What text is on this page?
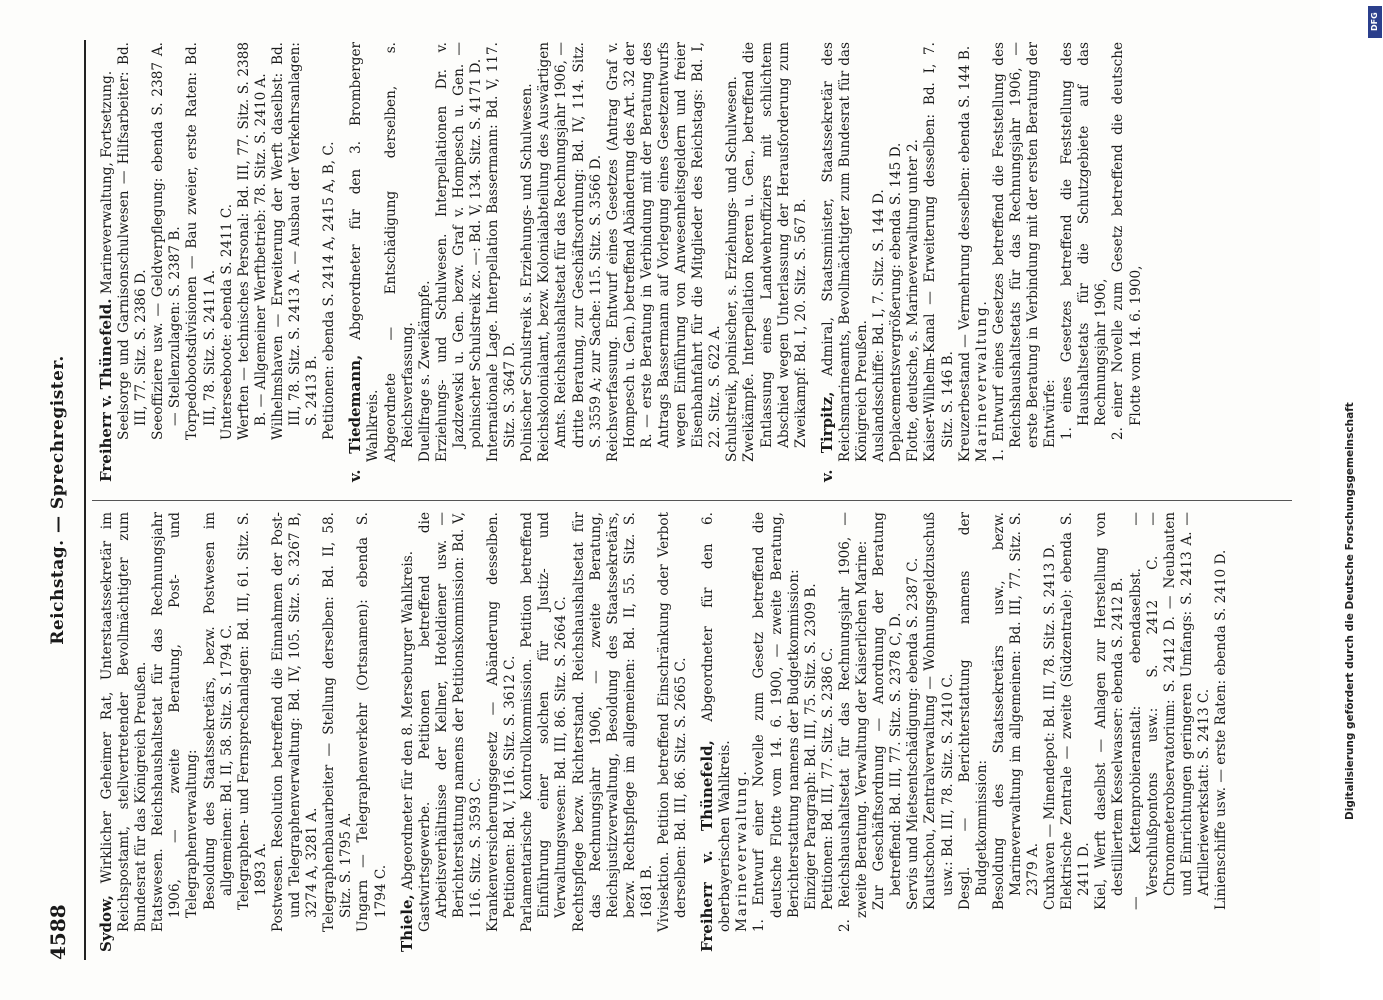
4588
Reichstag. — Sprechregister.

Sydow, Wirklicher Geheimer Rat, Unterstaatssekretär im Reichspostamt, stellvertretender Bevollmächtigter zum Bundesrat für das Königreich Preußen. Etatswesen. Reichshaushaltsetat für das Rechnungsjahr 1906, — zweite Beratung, Post- und Telegraphenverwaltung: Besoldung des Staatssekretärs, bezw. Postwesen im allgemeinen: Bd. II, 58. Sitz. S. 1794 C. Telegraphen- und Fernsprechanlagen: Bd. III, 61. Sitz. S. 1893 A. Postwesen. Resolution betreffend die Einnahmen der Post- und Telegraphenverwaltung: Bd. IV, 105. Sitz. S. 3267 B, 3274 A, 3281 A. Telegraphenbauarbeiter — Stellung derselben: Bd. II, 58. Sitz. S. 1795 A. Ungarn — Telegraphenverkehr (Ortsnamen): ebenda S. 1794 C.

Thiele, Abgeordneter für den 8. Merseburger Wahlkreis. Gastwirtsgewerbe. Petitionen betreffend die Arbeitsverhältnisse der Kellner, Hoteldiener usw. — Berichterstattung namens der Petitionskommission: Bd. V, 116. Sitz. S. 3593 C. Krankenversicherungsgesetz — Abänderung desselben. Petitionen: Bd. V, 116. Sitz. S. 3612 C. Parlamentarische Kontrollkommission. Petition betreffend Einführung einer solchen für Justiz- und Verwaltungswesen: Bd. III, 86. Sitz. S. 2664 C. Rechtspflege bezw. Richterstand. Reichshaushaltsetat für das Rechnungsjahr 1906, — zweite Beratung, Reichsjustizverwaltung, Besoldung des Staatssekretärs, bezw. Rechtspflege im allgemeinen: Bd. II, 55. Sitz. S. 1681 B. Vivisektion. Petition betreffend Einschränkung oder Verbot derselben: Bd. III, 86. Sitz. S. 2665 C. Freiherr v. Thünefeld, Abgeordneter für den 6. oberbayerischen Wahlkreis. Marineverwaltung. 1. Entwurf einer Novelle zum Gesetz betreffend die deutsche Flotte vom 14. 6. 1900, — zweite Beratung, Berichterstattung namens der Budgetkommission: Einziger Paragraph: Bd. III, 75. Sitz. S. 2309 B. Petitionen: Bd. III, 77. Sitz. S. 2386 C. 2. Reichshaushaltsetat für das Rechnungsjahr 1906, — zweite Beratung. Verwaltung der Kaiserlichen Marine: Zur Geschäftsordnung — Anordnung der Beratung betreffend: Bd. III, 77. Sitz. S. 2378 C, D. Servis und Mietsentschädigung: ebenda S. 2387 C. Klautschou, Zentralverwaltung — Wohnungsgeldzuschuß usw.: Bd. III, 78. Sitz. S. 2410 C. Desgl. — Berichterstattung namens der Budgetkommission: Besoldung des Staatssekretärs usw., bezw. Marineverwaltung im allgemeinen: Bd. III, 77. Sitz. S. 2379 A. Cuxhaven — Minendepot: Bd. III, 78. Sitz. S. 2413 D. Elektrische Zentrale — zweite (Südzentrale): ebenda S. 2411 D. Kiel, Werft daselbst — Anlagen zur Herstellung von destilliertem Kesselwasser: ebenda S. 2412 B. — Kettenprobieranstalt: ebendaselbst. — Verschlußpontons usw.: S. 2412 C. — Chronometerobservatorium: S. 2412 D. — Neubauten und Einrichtungen geringeren Umfangs: S. 2413 A. — Artilleriewerkstatt: S. 2413 C. Linienschiffe usw. — erste Raten: ebenda S. 2410 D.

Freiherr v. Thünefeld. Marineverwaltung, Fortsetzung. Seelsorge und Garnisonschulwesen — Hilfsarbeiter: Bd. III, 77. Sitz. S. 2386 D. Seeoffiziere usw. — Geldverpflegung: ebenda S. 2387 A. — Stellenzulagen: S. 2387 B. Torpedobootsdivisionen — Bau zweier, erste Raten: Bd. III, 78. Sitz. S. 2411 A. Unterseeboote: ebenda S. 2411 C. Werften — technisches Personal: Bd. III, 77. Sitz. S. 2388 B. — Allgemeiner Werftbetrieb: 78. Sitz. S. 2410 A. Wilhelmshaven — Erweiterung der Werft daselbst: Bd. III, 78. Sitz. S. 2413 A. — Ausbau der Verkehrsanlagen: S. 2413 B. Petitionen: ebenda S. 2414 A, 2415 A, B, C. v. Tiedemann, Abgeordneter für den 3. Bromberger Wahlkreis. Abgeordnete — Entschädigung derselben, s. Reichsverfassung. Duellfrage s. Zweikämpfe. Erziehungs- und Schulwesen. Interpellationen Dr. v. Jazdzewski u. Gen. bezw. Graf v. Hompesch u. Gen. — polnischer Schulstreik zc. —: Bd. V, 134. Sitz. S. 4171 D. Internationale Lage. Interpellation Bassermann: Bd. V, 117. Sitz. S. 3647 D. Polnischer Schulstreik s. Erziehungs- und Schulwesen. Reichskolonialamt, bezw. Kolonialabteilung des Auswärtigen Amts. Reichshaushaltsetat für das Rechnungsjahr 1906, — dritte Beratung, zur Geschäftsordnung: Bd. IV, 114. Sitz. S. 3559 A; zur Sache: 115. Sitz. S. 3566 D. Reichsverfassung. Entwurf eines Gesetzes (Antrag Graf v. Hompesch u. Gen.) betreffend Abänderung des Art. 32 der R. — erste Beratung in Verbindung mit der Beratung des Antrags Bassermann auf Vorlegung eines Gesetzentwurfs wegen Einführung von Anwesenheitsgeldern und freier Eisenbahnfahrt für die Mitglieder des Reichstags: Bd. I, 22. Sitz. S. 622 A. Schulstreik, polnischer, s. Erziehungs- und Schulwesen. Zweikämpfe. Interpellation Roeren u. Gen., betreffend die Entlassung eines Landwehroffiziers mit schlichtem Abschied wegen Unterlassung der Herausforderung zum Zweikampf: Bd. I, 20. Sitz. S. 567 B. v. Tirpitz, Admiral, Staatsminister, Staatssekretär des Reichsmarineamts, Bevollmächtigter zum Bundesrat für das Königreich Preußen. Auslandsschiffe: Bd. I, 7. Sitz. S. 144 D. Deplacementsvergrößerung: ebenda S. 145 D. Flotte, deutsche, s. Marineverwaltung unter 2. Kaiser-Wilhelm-Kanal — Erweiterung desselben: Bd. I, 7. Sitz. S. 146 B. Kreuzerbestand — Vermehrung desselben: ebenda S. 144 B. Marineverwaltung. 1. Entwurf eines Gesetzes betreffend die Feststellung des Reichshaushaltsetats für das Rechnungsjahr 1906, — erste Beratung in Verbindung mit der ersten Beratung der Entwürfe: 1. eines Gesetzes betreffend die Feststellung des Haushaltsetats für die Schutzgebiete auf das Rechnungsjahr 1906, 2. einer Novelle zum Gesetz betreffend die deutsche Flotte vom 14. 6. 1900,

Digitalisierung gefördert durch die Deutsche Forschungsgemeinschaft
DFG
